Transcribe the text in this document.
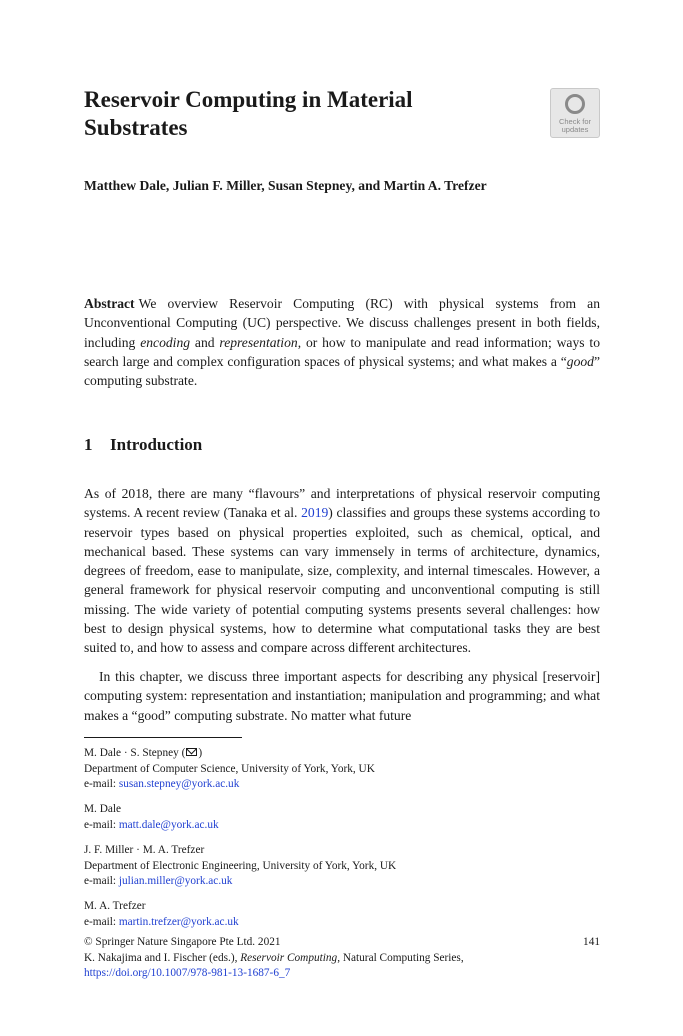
Reservoir Computing in Material
Substrates	Check for
updates
Matthew Dale, Julian F. Miller, Susan Stepney, and Martin A. Trefzer
Abstract We overview Reservoir Computing (RC) with physical systems from an Unconventional Computing (UC) perspective. We discuss challenges present in both fields, including encoding and representation, or how to manipulate and read information; ways to search large and complex configuration spaces of physical systems; and what makes a “good” computing substrate.
1 Introduction
As of 2018, there are many “flavours” and interpretations of physical reservoir computing systems. A recent review (Tanaka et al. 2019) classifies and groups these systems according to reservoir types based on physical properties exploited, such as chemical, optical, and mechanical based. These systems can vary immensely in terms of architecture, dynamics, degrees of freedom, ease to manipulate, size, complexity, and internal timescales. However, a general framework for physical reservoir computing and unconventional computing is still missing. The wide variety of potential computing systems presents several challenges: how best to design physical systems, how to determine what computational tasks they are best suited to, and how to assess and compare across different architectures.
In this chapter, we discuss three important aspects for describing any physical [reservoir] computing system: representation and instantiation; manipulation and programming; and what makes a “good” computing substrate. No matter what future
M. Dale · S. Stepney ( )
Department of Computer Science, University of York, York, UK
e-mail: susan.stepney@york.ac.uk
M. Dale
e-mail: matt.dale@york.ac.uk
J. F. Miller · M. A. Trefzer
Department of Electronic Engineering, University of York, York, UK
e-mail: julian.miller@york.ac.uk
M. A. Trefzer
e-mail: martin.trefzer@york.ac.uk
© Springer Nature Singapore Pte Ltd. 2021	141
K. Nakajima and I. Fischer (eds.), Reservoir Computing, Natural Computing Series,
https://doi.org/10.1007/978-981-13-1687-6_7
